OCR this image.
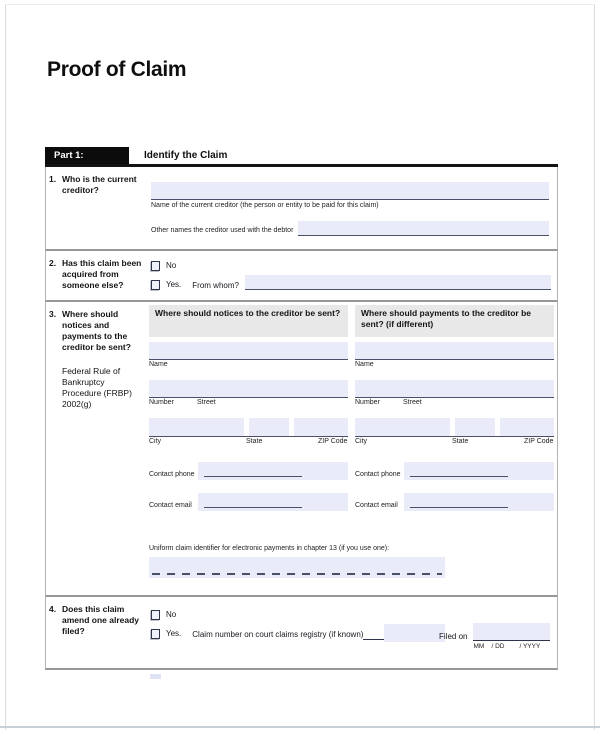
Proof of Claim
Part 1:	Identify the Claim
1. Who is the current creditor?
Name of the current creditor (the person or entity to be paid for this claim)
Other names the creditor used with the debtor
2. Has this claim been acquired from someone else?
No
Yes. From whom?
3. Where should notices and payments to the creditor be sent?
Federal Rule of Bankruptcy Procedure (FRBP) 2002(g)
Where should notices to the creditor be sent?
Name
Number	Street
City	State	ZIP Code
Contact phone
Contact email
Where should payments to the creditor be sent? (if different)
Name
Number	Street
City	State	ZIP Code
Contact phone
Contact email
Uniform claim identifier for electronic payments in chapter 13 (if you use one):
4. Does this claim amend one already filed?
No
Yes. Claim number on court claims registry (if known)	Filed on
MM	/ DD	/ YYYY
